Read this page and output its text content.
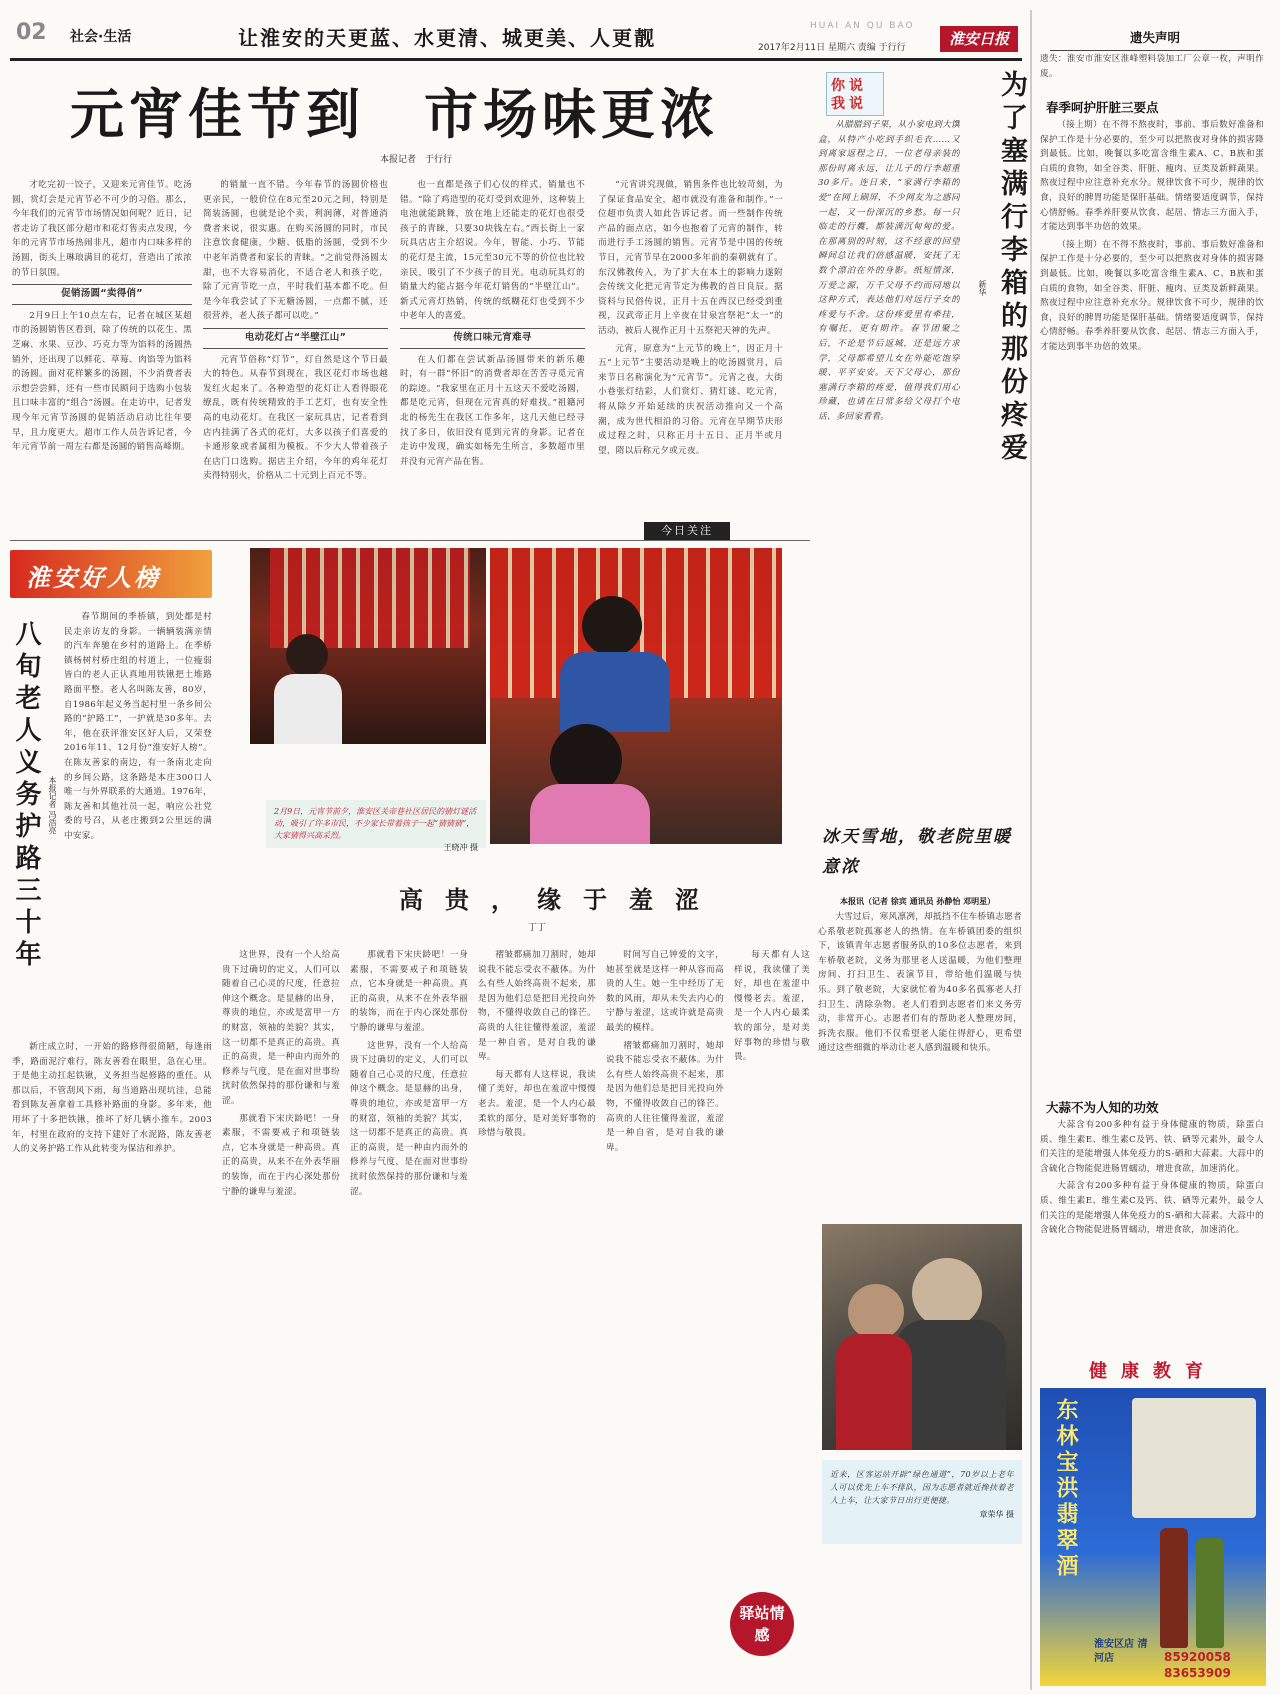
02 社会·生活	让淮安的天更蓝、水更清、城更美、人更靓	HUAI AN QU BAO
2017年2月11日 星期六 责编 于行行	淮安日报
元宵佳节到　市场味更浓
本报记者　于行行

才吃完初一饺子，又迎来元宵佳节。吃汤圆，赏灯会是元宵节必不可少的习俗。那么，今年我们的元宵节市场情况如何呢？近日，记者走访了我区部分超市和花灯售卖点发现，今年的元宵节市场热闹非凡，超市内口味多样的汤圆，街头上琳琅满目的花灯，营造出了浓浓的节日氛围。

促销汤圆“卖得俏”

2月9日上午10点左右，记者在城区某超市的汤圆销售区看到，除了传统的以花生、黑芝麻、水果、豆沙、巧克力等为馅料的汤圆热销外，还出现了以鲜花、草莓、肉馅等为馅料的汤圆。面对花样繁多的汤圆，不少消费者表示想尝尝鲜，还有一些市民顾问于选购小包装且口味丰富的“组合”汤圆。在走访中，记者发现今年元宵节汤圆的促销活动启动比往年要早，且力度更大。超市工作人员告诉记者，今年元宵节前一周左右都是汤圆的销售高峰期。

的销量一直不错。今年春节的汤圆价格也更亲民，一般价位在8元至20元之间，特别是简装汤圆，也就是论个卖，利润薄，对普通消费者来说，很实惠。在购买汤圆的同时，市民注意饮食健康，少糖、低脂的汤圆，受到不少中老年消费者和家长的青睐。“之前觉得汤圆太甜，也不大容易消化，不适合老人和孩子吃，除了元宵节吃一点，平时我们基本都不吃。但是今年我尝试了下无糖汤圆，一点都不腻，还很营养，老人孩子都可以吃。”

电动花灯占“半壁江山”

元宵节俗称“灯节”，灯自然是这个节日最大的特色。从春节到现在，我区花灯市场也越发红火起来了。各种造型的花灯让人看得眼花缭乱，既有传统精致的手工艺灯，也有安全性高的电动花灯。在我区一家玩具店，记者看到店内挂满了各式的花灯，大多以孩子们喜爱的卡通形象或者属相为模板。不少大人带着孩子在店门口选购。据店主介绍，今年的鸡年花灯卖得特别火，价格从二十元到上百元不等。

也一直都是孩子们心仪的样式，销量也不错。“除了鸡造型的花灯受到欢迎外，这种装上电池就能跳舞，放在地上还能走的花灯也很受孩子的青睐，只要30块钱左右。”西长街上一家玩具店店主介绍说。今年，智能、小巧、节能的花灯是主流，15元至30元不等的价位也比较亲民，吸引了不少孩子的目光。电动玩具灯的销量大约能占据今年花灯销售的“半壁江山”。新式元宵灯热销，传统的纸糊花灯也受到不少中老年人的喜爱。

传统口味元宵难寻

在人们都在尝试新品汤圆带来的新乐趣时，有一群“怀旧”的消费者却在苦苦寻觅元宵的踪迹。“我家里在正月十五这天不爱吃汤圆，都是吃元宵，但现在元宵真的好难找。”祖籍河北的杨先生在我区工作多年，这几天他已经寻找了多日，依旧没有觅到元宵的身影。记者在走访中发现，确实如杨先生所言，多数超市里并没有元宵产品在售。

“元宵讲究现做，销售条件也比较苛刻，为了保证食品安全，超市就没有准备和制作。”一位超市负责人如此告诉记者。而一些制作传统产品的面点店，如今也抱着了元宵的制作，转而进行手工汤圆的销售。元宵节是中国的传统节日，元宵节早在2000多年前的秦朝就有了。东汉佛教传入，为了扩大在本土的影响力遂附会传统文化把元宵节定为佛教的首日良辰。据资料与民俗传说，正月十五在西汉已经受到重视，汉武帝正月上辛夜在甘泉宫祭祀“太一”的活动，被后人视作正月十五祭祀天神的先声。

元宵，原意为“上元节的晚上”，因正月十五“上元节”主要活动是晚上的吃汤圆赏月，后来节日名称演化为“元宵节”。元宵之夜，大街小巷张灯结彩，人们赏灯、猜灯谜、吃元宵，将从除夕开始延续的庆祝活动推向又一个高潮，成为世代相沿的习俗。元宵在早期节庆形成过程之时，只称正月十五日、正月半或月望，隋以后称元夕或元夜。

今日关注
你说我说

从腊腊到子果，从小家电到大馔盒，从特产小吃到手织毛衣……又到离家返程之日，一位老母亲装的那份时离永远，让儿子的行李超重30多斤。连日来，“家满行李箱的爱”在网上刷屏，不少网友为之感同一起，又一份深沉的乡愁。每一只临走的行囊，都装满沉甸甸的爱。在那离别的时刻，这不经意的回望瞬间总让我们倍感温暖，安抚了无数个漂泊在外的身影。纸短情深，万爱之源，万千父母不约而同地以这种方式，表达他们对远行子女的疼爱与不舍。这份疼爱里有牵挂，有嘱托，更有期许。春节团聚之后，不论是节后返城，还是远方求学，父母都希望儿女在外能吃饱穿暖、平平安安。天下父母心，那份塞满行李箱的疼爱，值得我们用心珍藏，也请在日常多给父母打个电话、多回家看看。	为了塞满行李箱的那份疼爱
新华
冰天雪地，敬老院里暖意浓
本报讯（记者 徐宾 通讯员 孙静怡 邓明星）

大雪过后，寒风凛冽，却抵挡不住车桥镇志愿者心系敬老院孤寡老人的热情。在车桥镇团委的组织下，该镇青年志愿者服务队的10多位志愿者，来到车桥敬老院，义务为那里老人送温暖，为他们整理房间、打扫卫生、表演节目，带给他们温暖与快乐。到了敬老院，大家就忙着为40多名孤寡老人打扫卫生、清除杂物。老人们看到志愿者们来义务劳动，非常开心。志愿者们有的帮助老人整理房间，拆洗衣服。他们不仅希望老人能住得舒心，更希望通过这些细微的举动让老人感到温暖和快乐。

近来，区客运站开辟“绿色通道”，70岁以上老年人可以优先上车不排队，因为志愿者就近搀扶着老人上车，让大家节日出行更便捷。
章荣华 摄
淮安好人榜
八旬老人义务护路三十年 本报记者 冯浩亮

春节期间的季桥镇，到处都是村民走亲访友的身影。一辆辆装满亲情的汽车奔驰在乡村的道路上。在季桥镇杨树村桥庄组的村道上，一位瘦弱皆白的老人正认真地用铁锹把土堆路路面平整。老人名叫陈友善，80岁，自1986年起义务当起村里一条乡间公路的“护路工”，一护就是30多年。去年，他在获评淮安区好人后，又荣登2016年11、12月份“淮安好人榜”。在陈友善家的南边，有一条南北走向的乡间公路，这条路是本庄300口人唯一与外界联系的大通道。1976年，陈友善和其他社员一起，响应公社党委的号召，从老庄搬到2公里远的满中安家。

新庄成立时，一开始的路修得很简陋，每逢雨季，路面泥泞难行，陈友善看在眼里，急在心里。于是他主动扛起铁锹，义务担当起修路的重任。从那以后，不管刮风下雨，每当道路出现坑洼，总能看到陈友善拿着工具修补路面的身影。多年来，他用坏了十多把铁锹，推坏了好几辆小推车。2003年，村里在政府的支持下建好了水泥路，陈友善老人的义务护路工作从此转变为保洁和养护。

2月9日，元宵节前夕，淮安区关帝巷社区居民的猜灯谜活动，吸引了许多市民，不少家长带着孩子一起“猜猜猜”，大家猜得兴高采烈。
王晓冲 摄
高贵，缘于羞涩
丁丁

这世界，没有一个人给高贵下过确切的定义，人们可以随着自己心灵的尺度，任意拉伸这个概念。是显赫的出身，尊贵的地位，亦或是富甲一方的财富，领袖的美貌？其实，这一切都不是真正的高贵。真正的高贵，是一种由内而外的修养与气度，是在面对世事纷扰时依然保持的那份谦和与羞涩。

那就看下宋庆龄吧！一身素服，不需要戒子和项链装点，它本身就是一种高贵。真正的高贵，从来不在外表华丽的装饰，而在于内心深处那份宁静的谦卑与羞涩。

那就看下宋庆龄吧！一身素服，不需要戒子和项链装点，它本身就是一种高贵。真正的高贵，从来不在外表华丽的装饰，而在于内心深处那份宁静的谦卑与羞涩。

这世界，没有一个人给高贵下过确切的定义，人们可以随着自己心灵的尺度，任意拉伸这个概念。是显赫的出身，尊贵的地位，亦或是富甲一方的财富，领袖的美貌？其实，这一切都不是真正的高贵。真正的高贵，是一种由内而外的修养与气度，是在面对世事纷扰时依然保持的那份谦和与羞涩。

褶皱都痛加刀割时，她却说我不能忘受衣不蔽体。为什么有些人始终高贵不起来，那是因为他们总是把目光投向外物，不懂得收敛自己的锋芒。高贵的人往往懂得羞涩，羞涩是一种自省，是对自我的谦卑。

每天都有人这样说，我读懂了美好，却也在羞涩中慢慢老去。羞涩，是一个人内心最柔软的部分，是对美好事物的珍惜与敬畏。

时间写自己钟爱的文字，她甚至就是这样一种从容而高贵的人生。她一生中经历了无数的风雨，却从未失去内心的宁静与羞涩，这或许就是高贵最美的模样。

褶皱都痛加刀割时，她却说我不能忘受衣不蔽体。为什么有些人始终高贵不起来，那是因为他们总是把目光投向外物，不懂得收敛自己的锋芒。高贵的人往往懂得羞涩，羞涩是一种自省，是对自我的谦卑。

每天都有人这样说，我读懂了美好，却也在羞涩中慢慢老去。羞涩，是一个人内心最柔软的部分，是对美好事物的珍惜与敬畏。

驿站情感
遗失声明
遗失：淮安市淮安区淮峰塑料袋加工厂公章一枚，声明作废。
春季呵护肝脏三要点

（接上期）在不得不熬夜时，事前、事后数好准备和保护工作是十分必要的，至少可以把熬夜对身体的损害降到最低。比如，晚餐以多吃富含维生素A、C、B族和蛋白质的食物，如全谷类、肝脏、瘦肉、豆类及新鲜蔬果。熬夜过程中应注意补充水分。规律饮食不可少，规律的饮食，良好的脾胃功能是保肝基础。情绪要适度调节，保持心情舒畅。春季养肝要从饮食、起居、情志三方面入手，才能达到事半功倍的效果。

（接上期）在不得不熬夜时，事前、事后数好准备和保护工作是十分必要的，至少可以把熬夜对身体的损害降到最低。比如，晚餐以多吃富含维生素A、C、B族和蛋白质的食物，如全谷类、肝脏、瘦肉、豆类及新鲜蔬果。熬夜过程中应注意补充水分。规律饮食不可少，规律的饮食，良好的脾胃功能是保肝基础。情绪要适度调节，保持心情舒畅。春季养肝要从饮食、起居、情志三方面入手，才能达到事半功倍的效果。

大蒜不为人知的功效

大蒜含有200多种有益于身体健康的物质，除蛋白质、维生素E、维生素C及钙、铁、硒等元素外，最令人们关注的是能增强人体免疫力的S-硒和大蒜素。大蒜中的含硫化合物能促进肠胃蠕动，增进食欲，加速消化。

大蒜含有200多种有益于身体健康的物质，除蛋白质、维生素E、维生素C及钙、铁、硒等元素外，最令人们关注的是能增强人体免疫力的S-硒和大蒜素。大蒜中的含硫化合物能促进肠胃蠕动，增进食欲，加速消化。

健康教育
东林宝洪翡翠酒
淮安区店 清河店	85920058
83653909
